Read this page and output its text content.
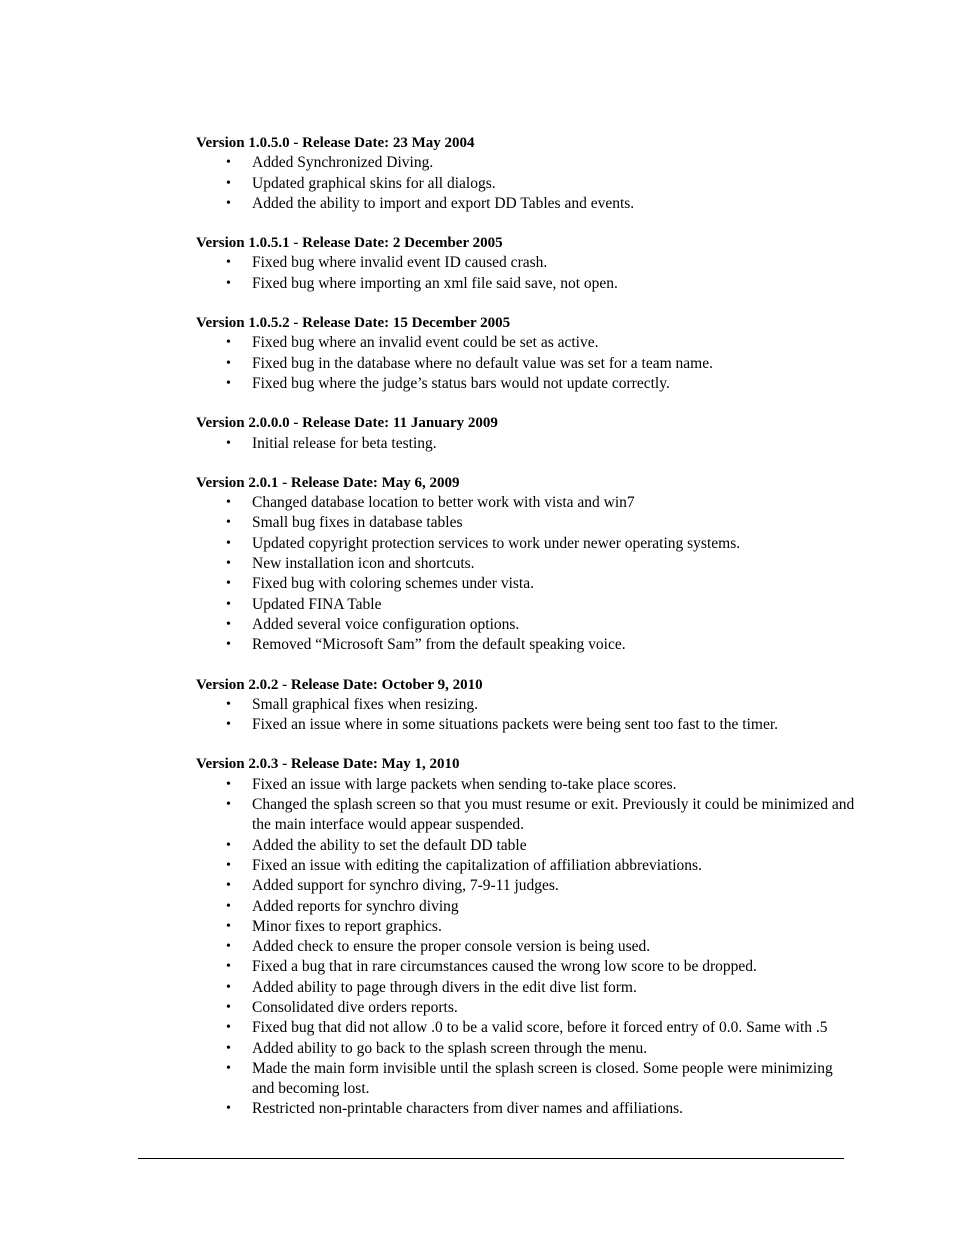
Version 1.0.5.0 - Release Date: 23 May 2004
• Added Synchronized Diving.
• Updated graphical skins for all dialogs.
• Added the ability to import and export DD Tables and events.
Version 1.0.5.1 - Release Date: 2 December 2005
• Fixed bug where invalid event ID caused crash.
• Fixed bug where importing an xml file said save, not open.
Version 1.0.5.2 - Release Date: 15 December 2005
• Fixed bug where an invalid event could be set as active.
• Fixed bug in the database where no default value was set for a team name.
• Fixed bug where the judge’s status bars would not update correctly.
Version 2.0.0.0 - Release Date: 11 January 2009
• Initial release for beta testing.
Version 2.0.1 - Release Date: May 6, 2009
• Changed database location to better work with vista and win7
• Small bug fixes in database tables
• Updated copyright protection services to work under newer operating systems.
• New installation icon and shortcuts.
• Fixed bug with coloring schemes under vista.
• Updated FINA Table
• Added several voice configuration options.
• Removed “Microsoft Sam” from the default speaking voice.
Version 2.0.2 - Release Date: October 9, 2010
• Small graphical fixes when resizing.
• Fixed an issue where in some situations packets were being sent too fast to the timer.
Version 2.0.3 - Release Date: May 1, 2010
• Fixed an issue with large packets when sending to-take place scores.
• Changed the splash screen so that you must resume or exit. Previously it could be minimized and the main interface would appear suspended.
• Added the ability to set the default DD table
• Fixed an issue with editing the capitalization of affiliation abbreviations.
• Added support for synchro diving, 7-9-11 judges.
• Added reports for synchro diving
• Minor fixes to report graphics.
• Added check to ensure the proper console version is being used.
• Fixed a bug that in rare circumstances caused the wrong low score to be dropped.
• Added ability to page through divers in the edit dive list form.
• Consolidated dive orders reports.
• Fixed bug that did not allow .0 to be a valid score, before it forced entry of 0.0. Same with .5
• Added ability to go back to the splash screen through the menu.
• Made the main form invisible until the splash screen is closed. Some people were minimizing and becoming lost.
• Restricted non-printable characters from diver names and affiliations.
